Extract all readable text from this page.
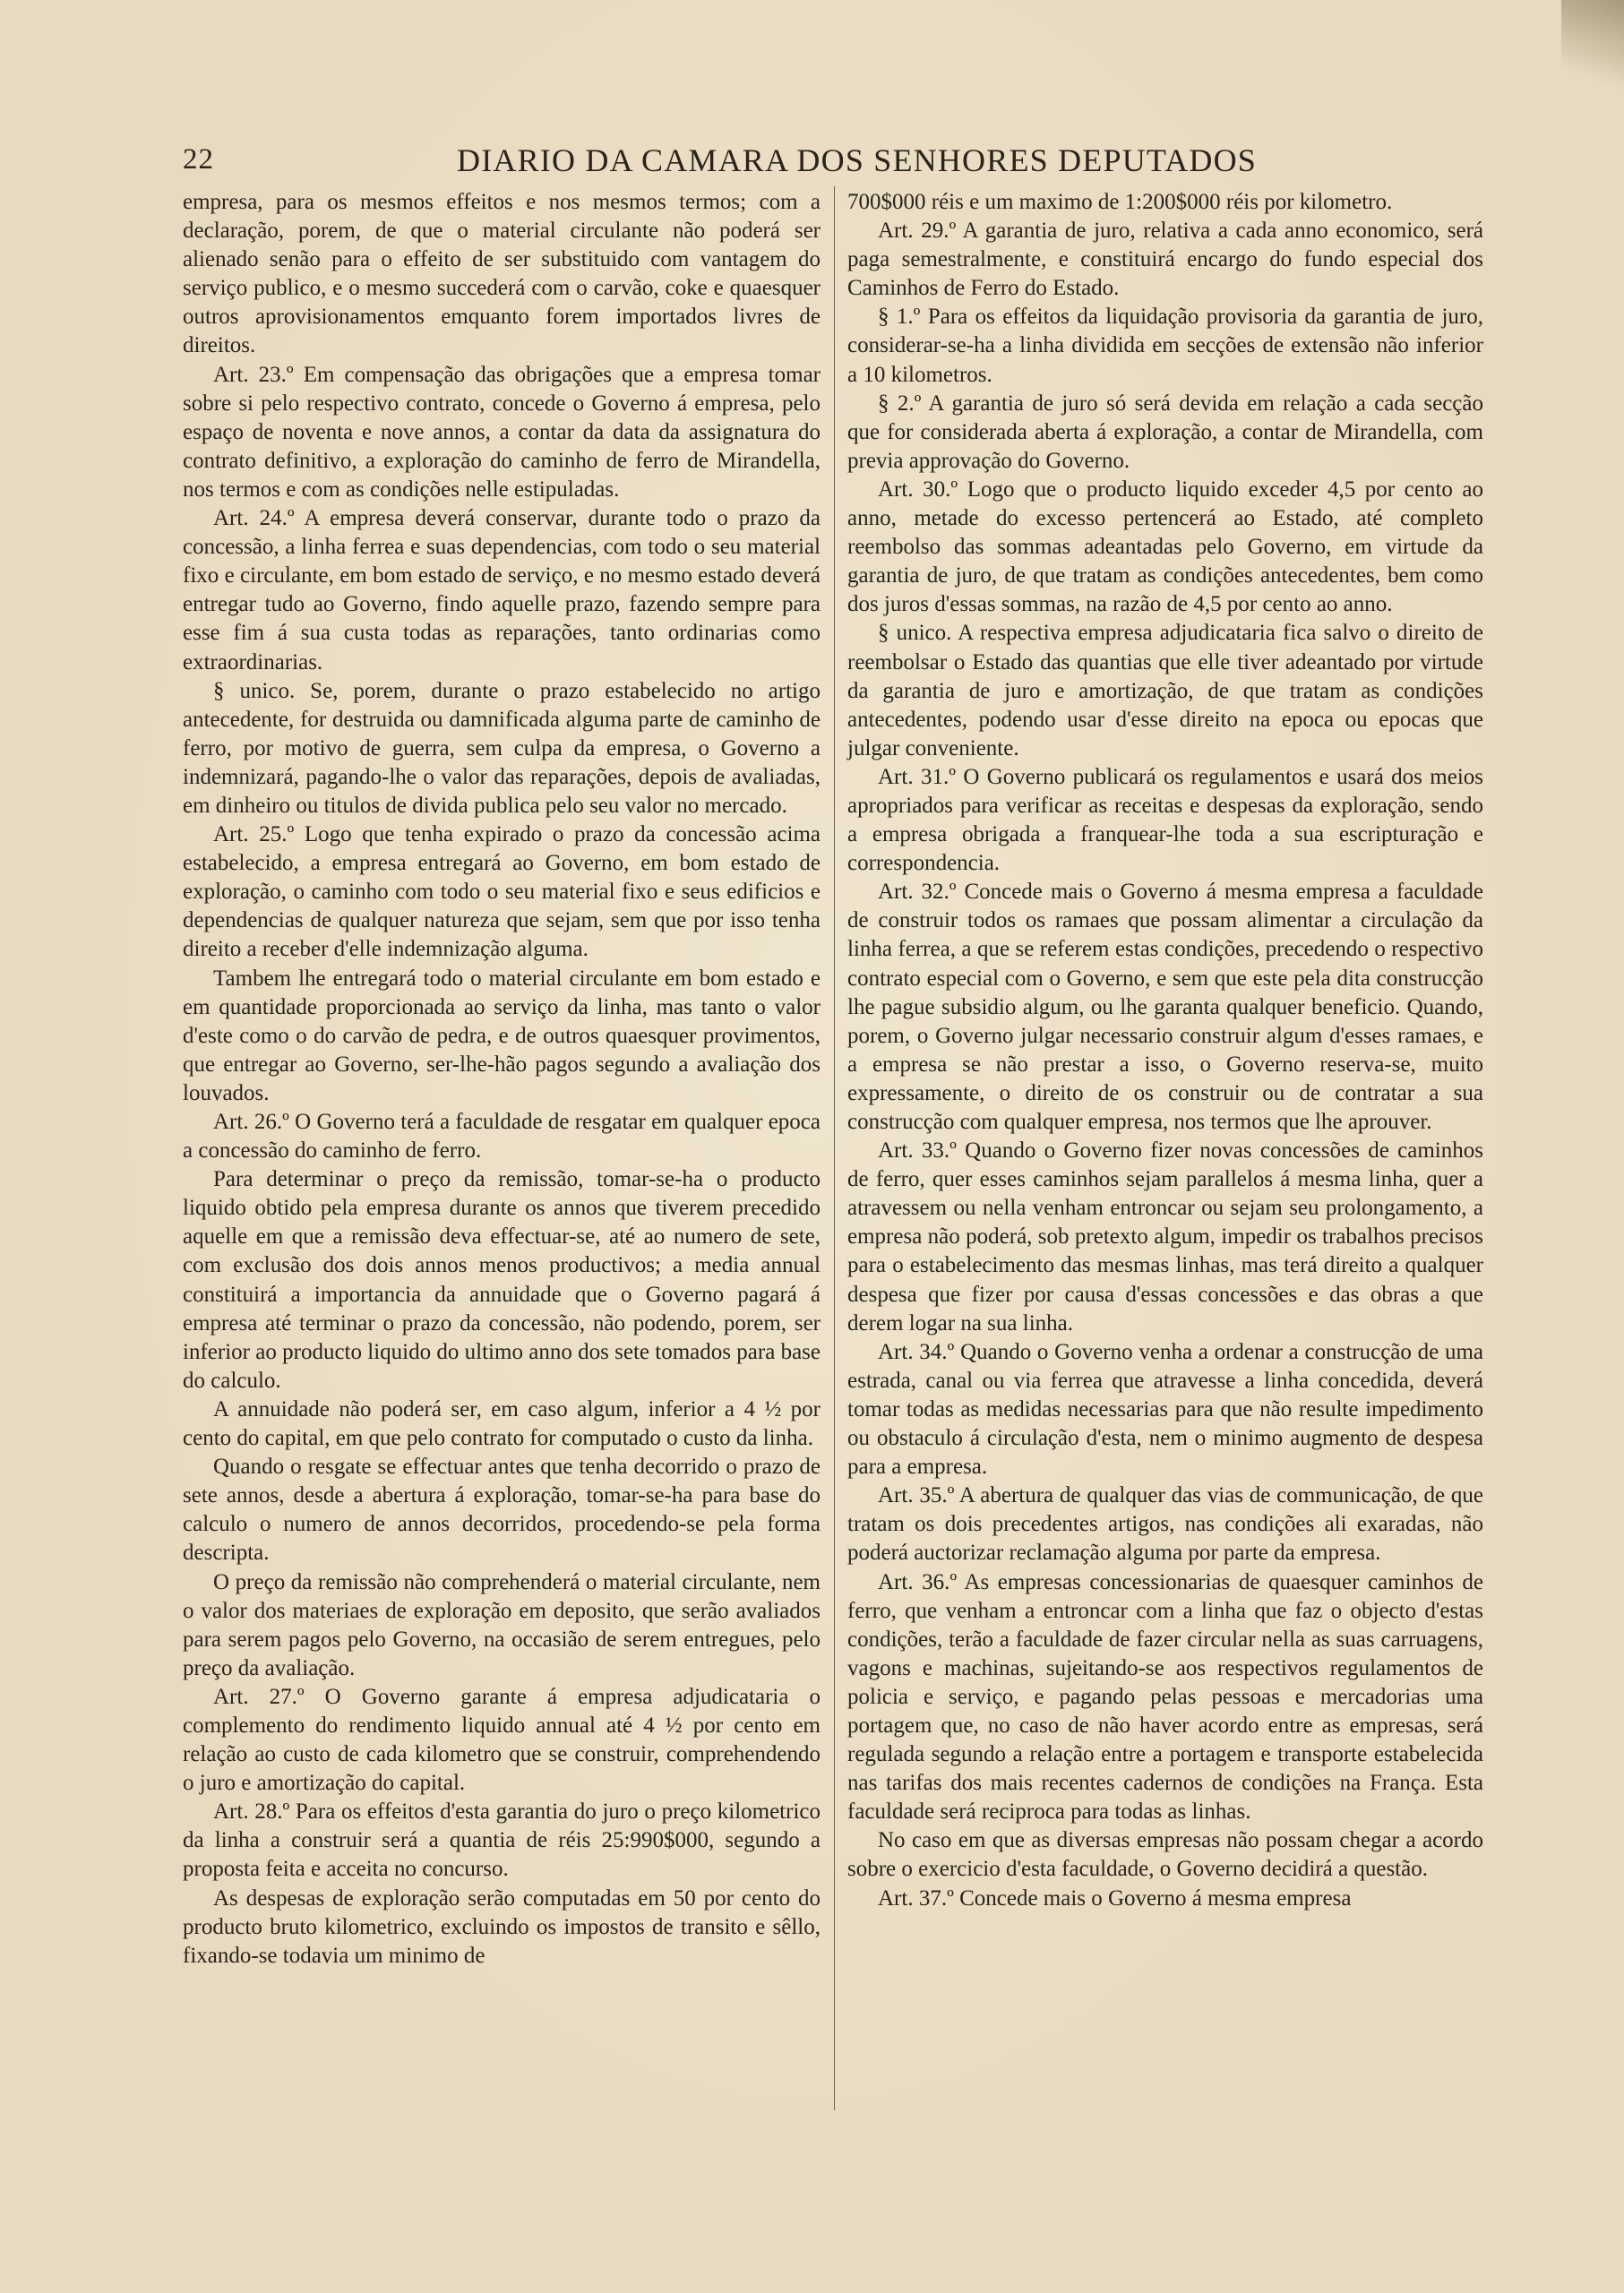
22	DIARIO DA CAMARA DOS SENHORES DEPUTADOS

empresa, para os mesmos effeitos e nos mesmos termos; com a declaração, porem, de que o material circulante não poderá ser alienado senão para o effeito de ser substituido com vantagem do serviço publico, e o mesmo succederá com o carvão, coke e quaesquer outros aprovisionamentos emquanto forem importados livres de direitos.

Art. 23.º Em compensação das obrigações que a empresa tomar sobre si pelo respectivo contrato, concede o Governo á empresa, pelo espaço de noventa e nove annos, a contar da data da assignatura do contrato definitivo, a exploração do caminho de ferro de Mirandella, nos termos e com as condições nelle estipuladas.

Art. 24.º A empresa deverá conservar, durante todo o prazo da concessão, a linha ferrea e suas dependencias, com todo o seu material fixo e circulante, em bom estado de serviço, e no mesmo estado deverá entregar tudo ao Governo, findo aquelle prazo, fazendo sempre para esse fim á sua custa todas as reparações, tanto ordinarias como extraordinarias.

§ unico. Se, porem, durante o prazo estabelecido no artigo antecedente, for destruida ou damnificada alguma parte de caminho de ferro, por motivo de guerra, sem culpa da empresa, o Governo a indemnizará, pagando-lhe o valor das reparações, depois de avaliadas, em dinheiro ou titulos de divida publica pelo seu valor no mercado.

Art. 25.º Logo que tenha expirado o prazo da concessão acima estabelecido, a empresa entregará ao Governo, em bom estado de exploração, o caminho com todo o seu material fixo e seus edificios e dependencias de qualquer natureza que sejam, sem que por isso tenha direito a receber d'elle indemnização alguma.

Tambem lhe entregará todo o material circulante em bom estado e em quantidade proporcionada ao serviço da linha, mas tanto o valor d'este como o do carvão de pedra, e de outros quaesquer provimentos, que entregar ao Governo, ser-lhe-hão pagos segundo a avaliação dos louvados.

Art. 26.º O Governo terá a faculdade de resgatar em qualquer epoca a concessão do caminho de ferro.

Para determinar o preço da remissão, tomar-se-ha o producto liquido obtido pela empresa durante os annos que tiverem precedido aquelle em que a remissão deva effectuar-se, até ao numero de sete, com exclusão dos dois annos menos productivos; a media annual constituirá a importancia da annuidade que o Governo pagará á empresa até terminar o prazo da concessão, não podendo, porem, ser inferior ao producto liquido do ultimo anno dos sete tomados para base do calculo.

A annuidade não poderá ser, em caso algum, inferior a 4 ½ por cento do capital, em que pelo contrato for computado o custo da linha.

Quando o resgate se effectuar antes que tenha decorrido o prazo de sete annos, desde a abertura á exploração, tomar-se-ha para base do calculo o numero de annos decorridos, procedendo-se pela forma descripta.

O preço da remissão não comprehenderá o material circulante, nem o valor dos materiaes de exploração em deposito, que serão avaliados para serem pagos pelo Governo, na occasião de serem entregues, pelo preço da avaliação.

Art. 27.º O Governo garante á empresa adjudicataria o complemento do rendimento liquido annual até 4 ½ por cento em relação ao custo de cada kilometro que se construir, comprehendendo o juro e amortização do capital.

Art. 28.º Para os effeitos d'esta garantia do juro o preço kilometrico da linha a construir será a quantia de réis 25:990$000, segundo a proposta feita e acceita no concurso.

As despesas de exploração serão computadas em 50 por cento do producto bruto kilometrico, excluindo os impostos de transito e sêllo, fixando-se todavia um minimo de

700$000 réis e um maximo de 1:200$000 réis por kilometro.

Art. 29.º A garantia de juro, relativa a cada anno economico, será paga semestralmente, e constituirá encargo do fundo especial dos Caminhos de Ferro do Estado.

§ 1.º Para os effeitos da liquidação provisoria da garantia de juro, considerar-se-ha a linha dividida em secções de extensão não inferior a 10 kilometros.

§ 2.º A garantia de juro só será devida em relação a cada secção que for considerada aberta á exploração, a contar de Mirandella, com previa approvação do Governo.

Art. 30.º Logo que o producto liquido exceder 4,5 por cento ao anno, metade do excesso pertencerá ao Estado, até completo reembolso das sommas adeantadas pelo Governo, em virtude da garantia de juro, de que tratam as condições antecedentes, bem como dos juros d'essas sommas, na razão de 4,5 por cento ao anno.

§ unico. A respectiva empresa adjudicataria fica salvo o direito de reembolsar o Estado das quantias que elle tiver adeantado por virtude da garantia de juro e amortização, de que tratam as condições antecedentes, podendo usar d'esse direito na epoca ou epocas que julgar conveniente.

Art. 31.º O Governo publicará os regulamentos e usará dos meios apropriados para verificar as receitas e despesas da exploração, sendo a empresa obrigada a franquear-lhe toda a sua escripturação e correspondencia.

Art. 32.º Concede mais o Governo á mesma empresa a faculdade de construir todos os ramaes que possam alimentar a circulação da linha ferrea, a que se referem estas condições, precedendo o respectivo contrato especial com o Governo, e sem que este pela dita construcção lhe pague subsidio algum, ou lhe garanta qualquer beneficio. Quando, porem, o Governo julgar necessario construir algum d'esses ramaes, e a empresa se não prestar a isso, o Governo reserva-se, muito expressamente, o direito de os construir ou de contratar a sua construcção com qualquer empresa, nos termos que lhe aprouver.

Art. 33.º Quando o Governo fizer novas concessões de caminhos de ferro, quer esses caminhos sejam parallelos á mesma linha, quer a atravessem ou nella venham entroncar ou sejam seu prolongamento, a empresa não poderá, sob pretexto algum, impedir os trabalhos precisos para o estabelecimento das mesmas linhas, mas terá direito a qualquer despesa que fizer por causa d'essas concessões e das obras a que derem logar na sua linha.

Art. 34.º Quando o Governo venha a ordenar a construcção de uma estrada, canal ou via ferrea que atravesse a linha concedida, deverá tomar todas as medidas necessarias para que não resulte impedimento ou obstaculo á circulação d'esta, nem o minimo augmento de despesa para a empresa.

Art. 35.º A abertura de qualquer das vias de communicação, de que tratam os dois precedentes artigos, nas condições ali exaradas, não poderá auctorizar reclamação alguma por parte da empresa.

Art. 36.º As empresas concessionarias de quaesquer caminhos de ferro, que venham a entroncar com a linha que faz o objecto d'estas condições, terão a faculdade de fazer circular nella as suas carruagens, vagons e machinas, sujeitando-se aos respectivos regulamentos de policia e serviço, e pagando pelas pessoas e mercadorias uma portagem que, no caso de não haver acordo entre as empresas, será regulada segundo a relação entre a portagem e transporte estabelecida nas tarifas dos mais recentes cadernos de condições na França. Esta faculdade será reciproca para todas as linhas.

No caso em que as diversas empresas não possam chegar a acordo sobre o exercicio d'esta faculdade, o Governo decidirá a questão.

Art. 37.º Concede mais o Governo á mesma empresa
